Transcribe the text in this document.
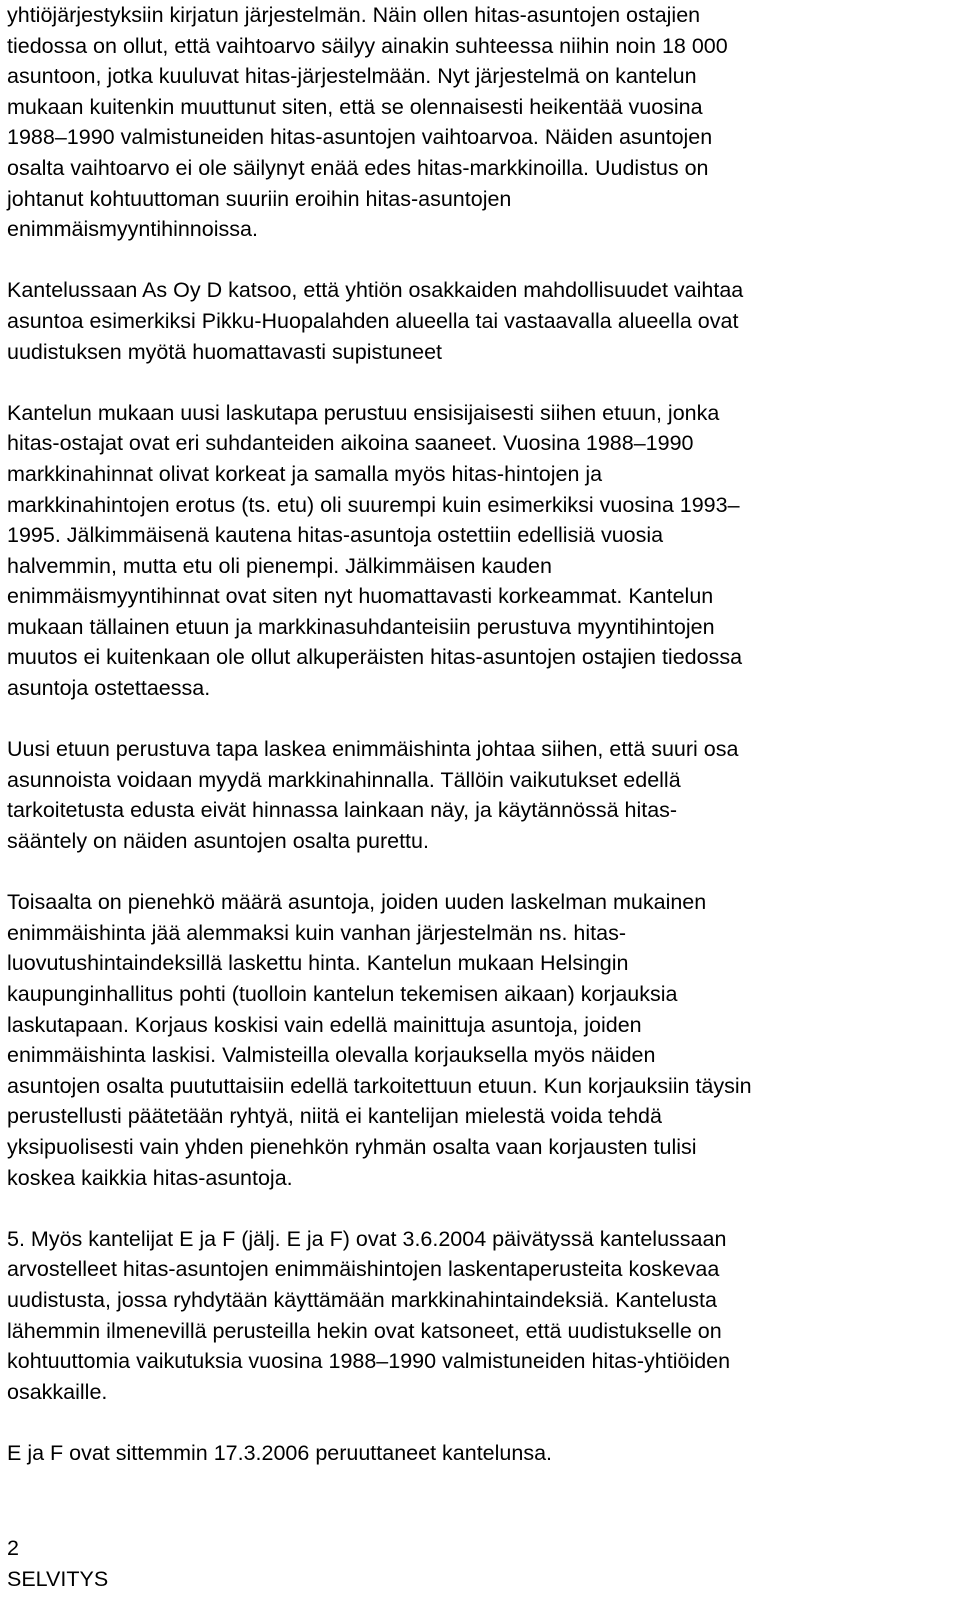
yhtiöjärjestyksiin kirjatun järjestelmän. Näin ollen hitas-asuntojen ostajien
tiedossa on ollut, että vaihtoarvo säilyy ainakin suhteessa niihin noin 18 000
asuntoon, jotka kuuluvat hitas-järjestelmään. Nyt järjestelmä on kantelun
mukaan kuitenkin muuttunut siten, että se olennaisesti heikentää vuosina
1988–1990 valmistuneiden hitas-asuntojen vaihtoarvoa. Näiden asuntojen
osalta vaihtoarvo ei ole säilynyt enää edes hitas-markkinoilla. Uudistus on
johtanut kohtuuttoman suuriin eroihin hitas-asuntojen
enimmäismyyntihinnoissa.
Kantelussaan As Oy D katsoo, että yhtiön osakkaiden mahdollisuudet vaihtaa
asuntoa esimerkiksi Pikku-Huopalahden alueella tai vastaavalla alueella ovat
uudistuksen myötä huomattavasti supistuneet
Kantelun mukaan uusi laskutapa perustuu ensisijaisesti siihen etuun, jonka
hitas-ostajat ovat eri suhdanteiden aikoina saaneet. Vuosina 1988–1990
markkinahinnat olivat korkeat ja samalla myös hitas-hintojen ja
markkinahintojen erotus (ts. etu) oli suurempi kuin esimerkiksi vuosina 1993–
1995. Jälkimmäisenä kautena hitas-asuntoja ostettiin edellisiä vuosia
halvemmin, mutta etu oli pienempi. Jälkimmäisen kauden
enimmäismyyntihinnat ovat siten nyt huomattavasti korkeammat. Kantelun
mukaan tällainen etuun ja markkinasuhdanteisiin perustuva myyntihintojen
muutos ei kuitenkaan ole ollut alkuperäisten hitas-asuntojen ostajien tiedossa
asuntoja ostettaessa.
Uusi etuun perustuva tapa laskea enimmäishinta johtaa siihen, että suuri osa
asunnoista voidaan myydä markkinahinnalla. Tällöin vaikutukset edellä
tarkoitetusta edusta eivät hinnassa lainkaan näy, ja käytännössä hitas-
sääntely on näiden asuntojen osalta purettu.
Toisaalta on pienehkö määrä asuntoja, joiden uuden laskelman mukainen
enimmäishinta jää alemmaksi kuin vanhan järjestelmän ns. hitas-
luovutushintaindeksillä laskettu hinta. Kantelun mukaan Helsingin
kaupunginhallitus pohti (tuolloin kantelun tekemisen aikaan) korjauksia
laskutapaan. Korjaus koskisi vain edellä mainittuja asuntoja, joiden
enimmäishinta laskisi. Valmisteilla olevalla korjauksella myös näiden
asuntojen osalta puututtaisiin edellä tarkoitettuun etuun. Kun korjauksiin täysin
perustellusti päätetään ryhtyä, niitä ei kantelijan mielestä voida tehdä
yksipuolisesti vain yhden pienehkön ryhmän osalta vaan korjausten tulisi
koskea kaikkia hitas-asuntoja.
5. Myös kantelijat E ja F (jälj. E ja F) ovat 3.6.2004 päivätyssä kantelussaan
arvostelleet hitas-asuntojen enimmäishintojen laskentaperusteita koskevaa
uudistusta, jossa ryhdytään käyttämään markkinahintaindeksiä. Kantelusta
lähemmin ilmenevillä perusteilla hekin ovat katsoneet, että uudistukselle on
kohtuuttomia vaikutuksia vuosina 1988–1990 valmistuneiden hitas-yhtiöiden
osakkaille.
E ja F ovat sittemmin 17.3.2006 peruuttaneet kantelunsa.
2
SELVITYS
